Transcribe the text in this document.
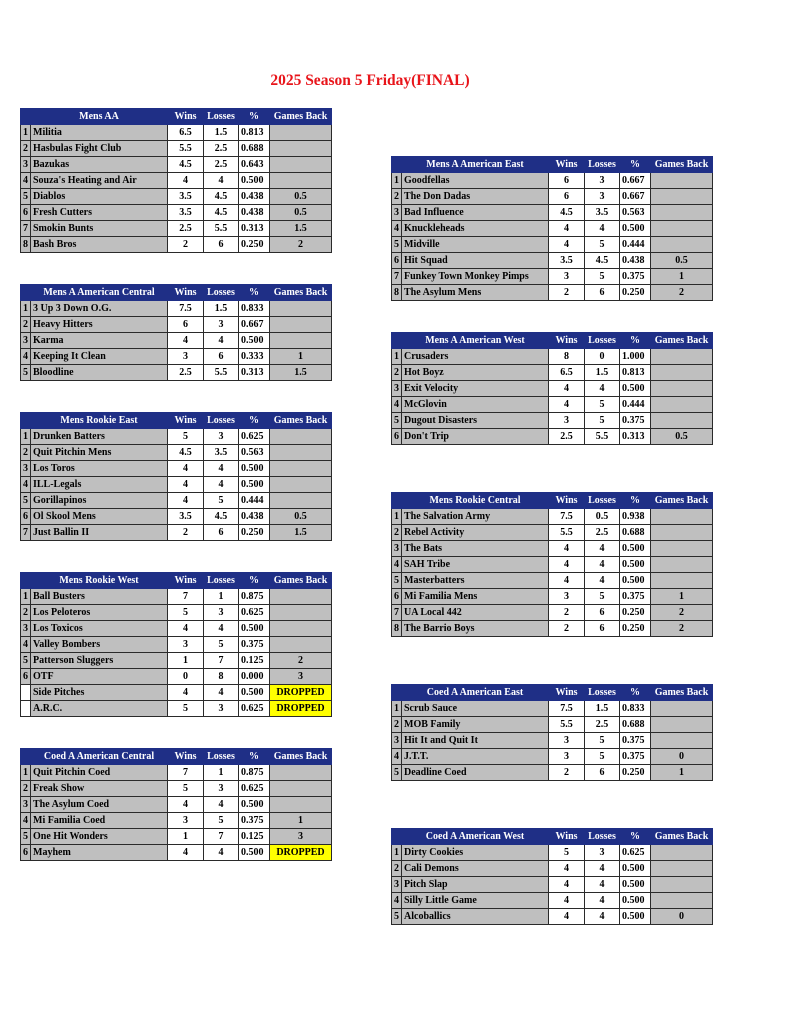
2025 Season 5 Friday(FINAL)
	Mens AA	Wins	Losses	%	Games Back
1	Militia	6.5	1.5	0.813	
2	Hasbulas Fight Club	5.5	2.5	0.688	
3	Bazukas	4.5	2.5	0.643	
4	Souza's Heating and Air	4	4	0.500	
5	Diablos	3.5	4.5	0.438	0.5
6	Fresh Cutters	3.5	4.5	0.438	0.5
7	Smokin Bunts	2.5	5.5	0.313	1.5
8	Bash Bros	2	6	0.250	2
	Mens A American Central	Wins	Losses	%	Games Back
1	3 Up 3 Down O.G.	7.5	1.5	0.833	
2	Heavy Hitters	6	3	0.667	
3	Karma	4	4	0.500	
4	Keeping It Clean	3	6	0.333	1
5	Bloodline	2.5	5.5	0.313	1.5
	Mens Rookie East	Wins	Losses	%	Games Back
1	Drunken Batters	5	3	0.625	
2	Quit Pitchin Mens	4.5	3.5	0.563	
3	Los Toros	4	4	0.500	
4	ILL-Legals	4	4	0.500	
5	Gorillapinos	4	5	0.444	
6	Ol Skool Mens	3.5	4.5	0.438	0.5
7	Just Ballin II	2	6	0.250	1.5
	Mens Rookie West	Wins	Losses	%	Games Back
1	Ball Busters	7	1	0.875	
2	Los Peloteros	5	3	0.625	
3	Los Toxicos	4	4	0.500	
4	Valley Bombers	3	5	0.375	
5	Patterson Sluggers	1	7	0.125	2
6	OTF	0	8	0.000	3
	Side Pitches	4	4	0.500	DROPPED
	A.R.C.	5	3	0.625	DROPPED
	Coed A American Central	Wins	Losses	%	Games Back
1	Quit Pitchin Coed	7	1	0.875	
2	Freak Show	5	3	0.625	
3	The Asylum Coed	4	4	0.500	
4	Mi Familia Coed	3	5	0.375	1
5	One Hit Wonders	1	7	0.125	3
6	Mayhem	4	4	0.500	DROPPED
	Mens A American East	Wins	Losses	%	Games Back
1	Goodfellas	6	3	0.667	
2	The Don Dadas	6	3	0.667	
3	Bad Influence	4.5	3.5	0.563	
4	Knuckleheads	4	4	0.500	
5	Midville	4	5	0.444	
6	Hit Squad	3.5	4.5	0.438	0.5
7	Funkey Town Monkey Pimps	3	5	0.375	1
8	The Asylum Mens	2	6	0.250	2
	Mens A American West	Wins	Losses	%	Games Back
1	Crusaders	8	0	1.000	
2	Hot Boyz	6.5	1.5	0.813	
3	Exit Velocity	4	4	0.500	
4	McGlovin	4	5	0.444	
5	Dugout Disasters	3	5	0.375	
6	Don't Trip	2.5	5.5	0.313	0.5
	Mens Rookie Central	Wins	Losses	%	Games Back
1	The Salvation Army	7.5	0.5	0.938	
2	Rebel Activity	5.5	2.5	0.688	
3	The Bats	4	4	0.500	
4	SAH Tribe	4	4	0.500	
5	Masterbatters	4	4	0.500	
6	Mi Familia Mens	3	5	0.375	1
7	UA Local 442	2	6	0.250	2
8	The Barrio Boys	2	6	0.250	2
	Coed A American East	Wins	Losses	%	Games Back
1	Scrub Sauce	7.5	1.5	0.833	
2	MOB Family	5.5	2.5	0.688	
3	Hit It and Quit It	3	5	0.375	
4	J.T.T.	3	5	0.375	0
5	Deadline Coed	2	6	0.250	1
	Coed A American West	Wins	Losses	%	Games Back
1	Dirty Cookies	5	3	0.625	
2	Cali Demons	4	4	0.500	
3	Pitch Slap	4	4	0.500	
4	Silly Little Game	4	4	0.500	
5	Alcoballics	4	4	0.500	0
